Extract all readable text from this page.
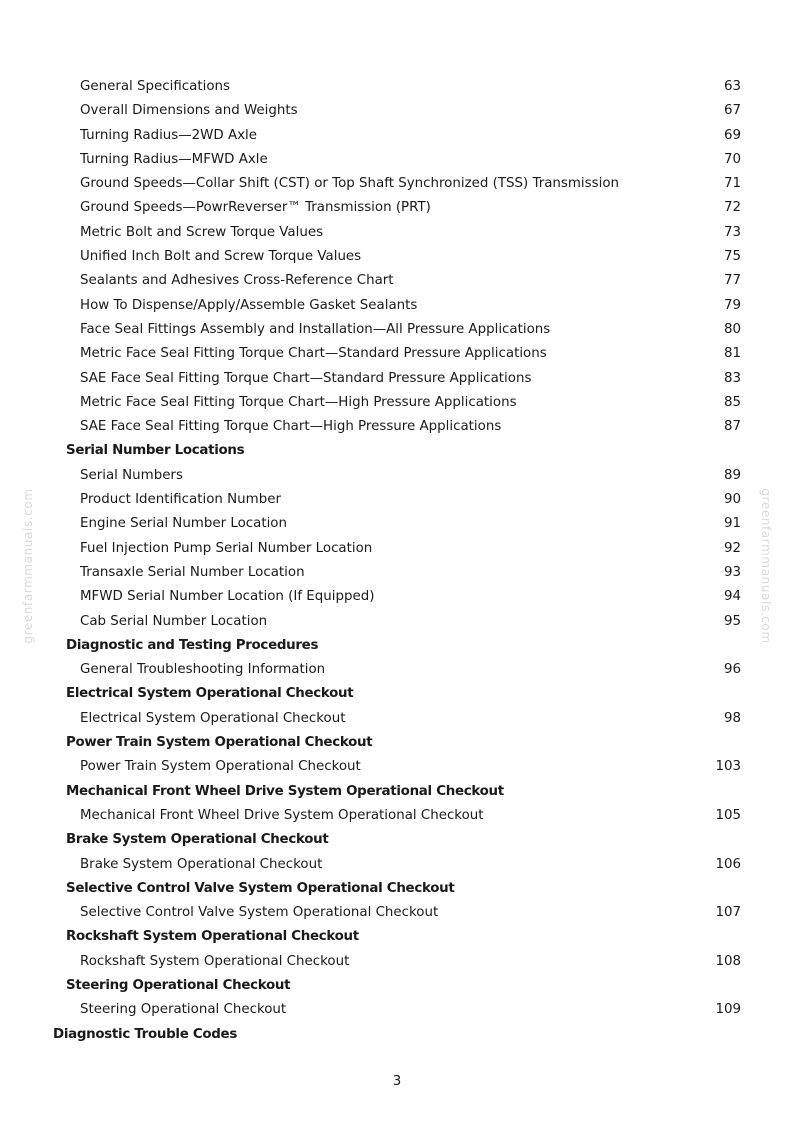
greenfarmmanuals.com	greenfarmmanuals.com
General Specifications	63
Overall Dimensions and Weights	67
Turning Radius—2WD Axle	69
Turning Radius—MFWD Axle	70
Ground Speeds—Collar Shift (CST) or Top Shaft Synchronized (TSS) Transmission	71
Ground Speeds—PowrReverser™ Transmission (PRT)	72
Metric Bolt and Screw Torque Values	73
Unified Inch Bolt and Screw Torque Values	75
Sealants and Adhesives Cross-Reference Chart	77
How To Dispense/Apply/Assemble Gasket Sealants	79
Face Seal Fittings Assembly and Installation—All Pressure Applications	80
Metric Face Seal Fitting Torque Chart—Standard Pressure Applications	81
SAE Face Seal Fitting Torque Chart—Standard Pressure Applications	83
Metric Face Seal Fitting Torque Chart—High Pressure Applications	85
SAE Face Seal Fitting Torque Chart—High Pressure Applications	87
Serial Number Locations
Serial Numbers	89
Product Identification Number	90
Engine Serial Number Location	91
Fuel Injection Pump Serial Number Location	92
Transaxle Serial Number Location	93
MFWD Serial Number Location (If Equipped)	94
Cab Serial Number Location	95
Diagnostic and Testing Procedures
General Troubleshooting Information	96
Electrical System Operational Checkout
Electrical System Operational Checkout	98
Power Train System Operational Checkout
Power Train System Operational Checkout	103
Mechanical Front Wheel Drive System Operational Checkout
Mechanical Front Wheel Drive System Operational Checkout	105
Brake System Operational Checkout
Brake System Operational Checkout	106
Selective Control Valve System Operational Checkout
Selective Control Valve System Operational Checkout	107
Rockshaft System Operational Checkout
Rockshaft System Operational Checkout	108
Steering Operational Checkout
Steering Operational Checkout	109
Diagnostic Trouble Codes
3
